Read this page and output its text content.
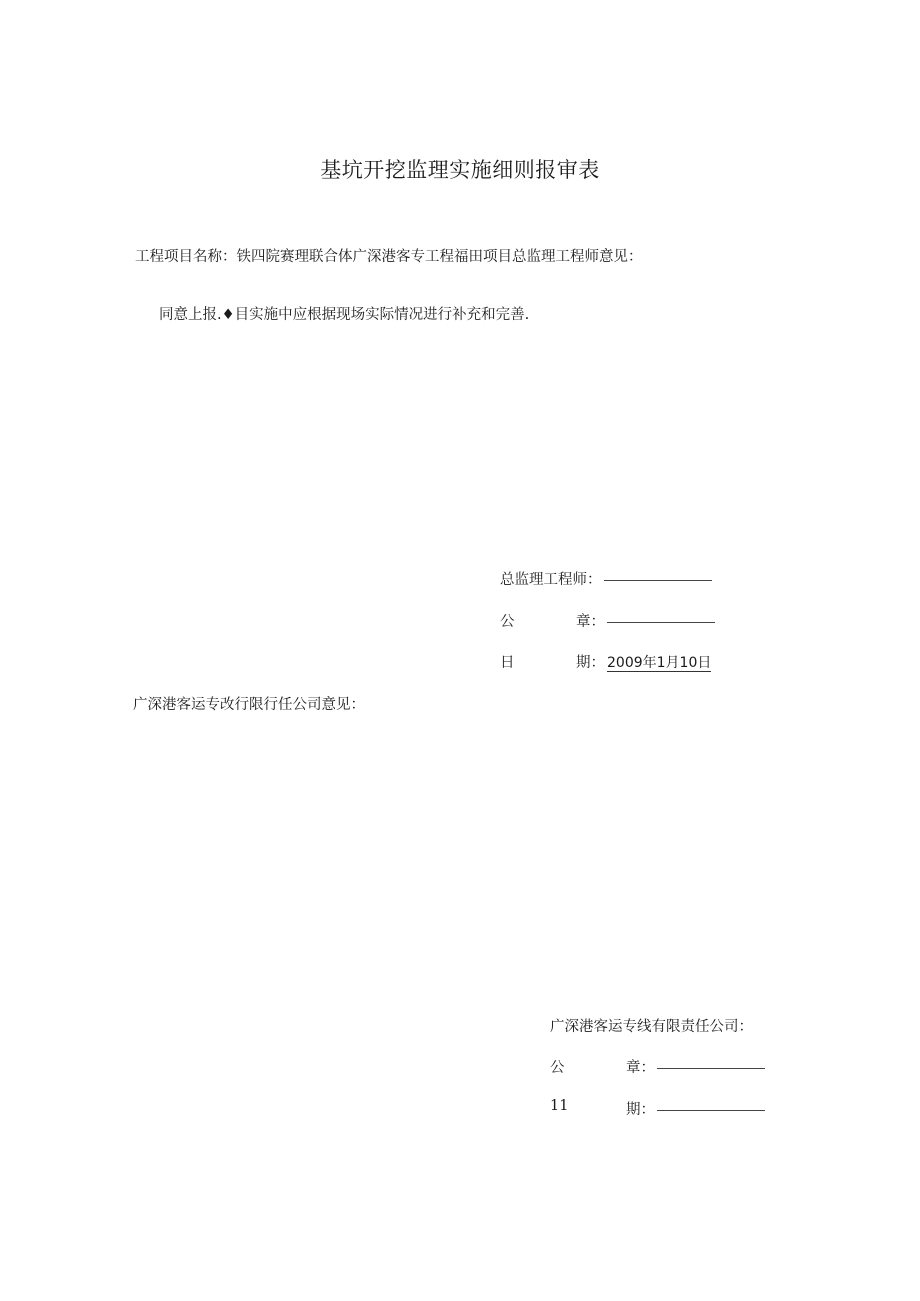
基坑开挖监理实施细则报审表
工程项目名称：铁四院赛理联合体广深港客专工程福田项目总监理工程师意见：
同意上报.♦目实施中应根据现场实际情况进行补充和完善.
总监理工程师：
公	章：
日	期： 2009年1月10日
广深港客运专改行限行任公司意见：
广深港客运专线有限责任公司：
公	章：
11	期：
